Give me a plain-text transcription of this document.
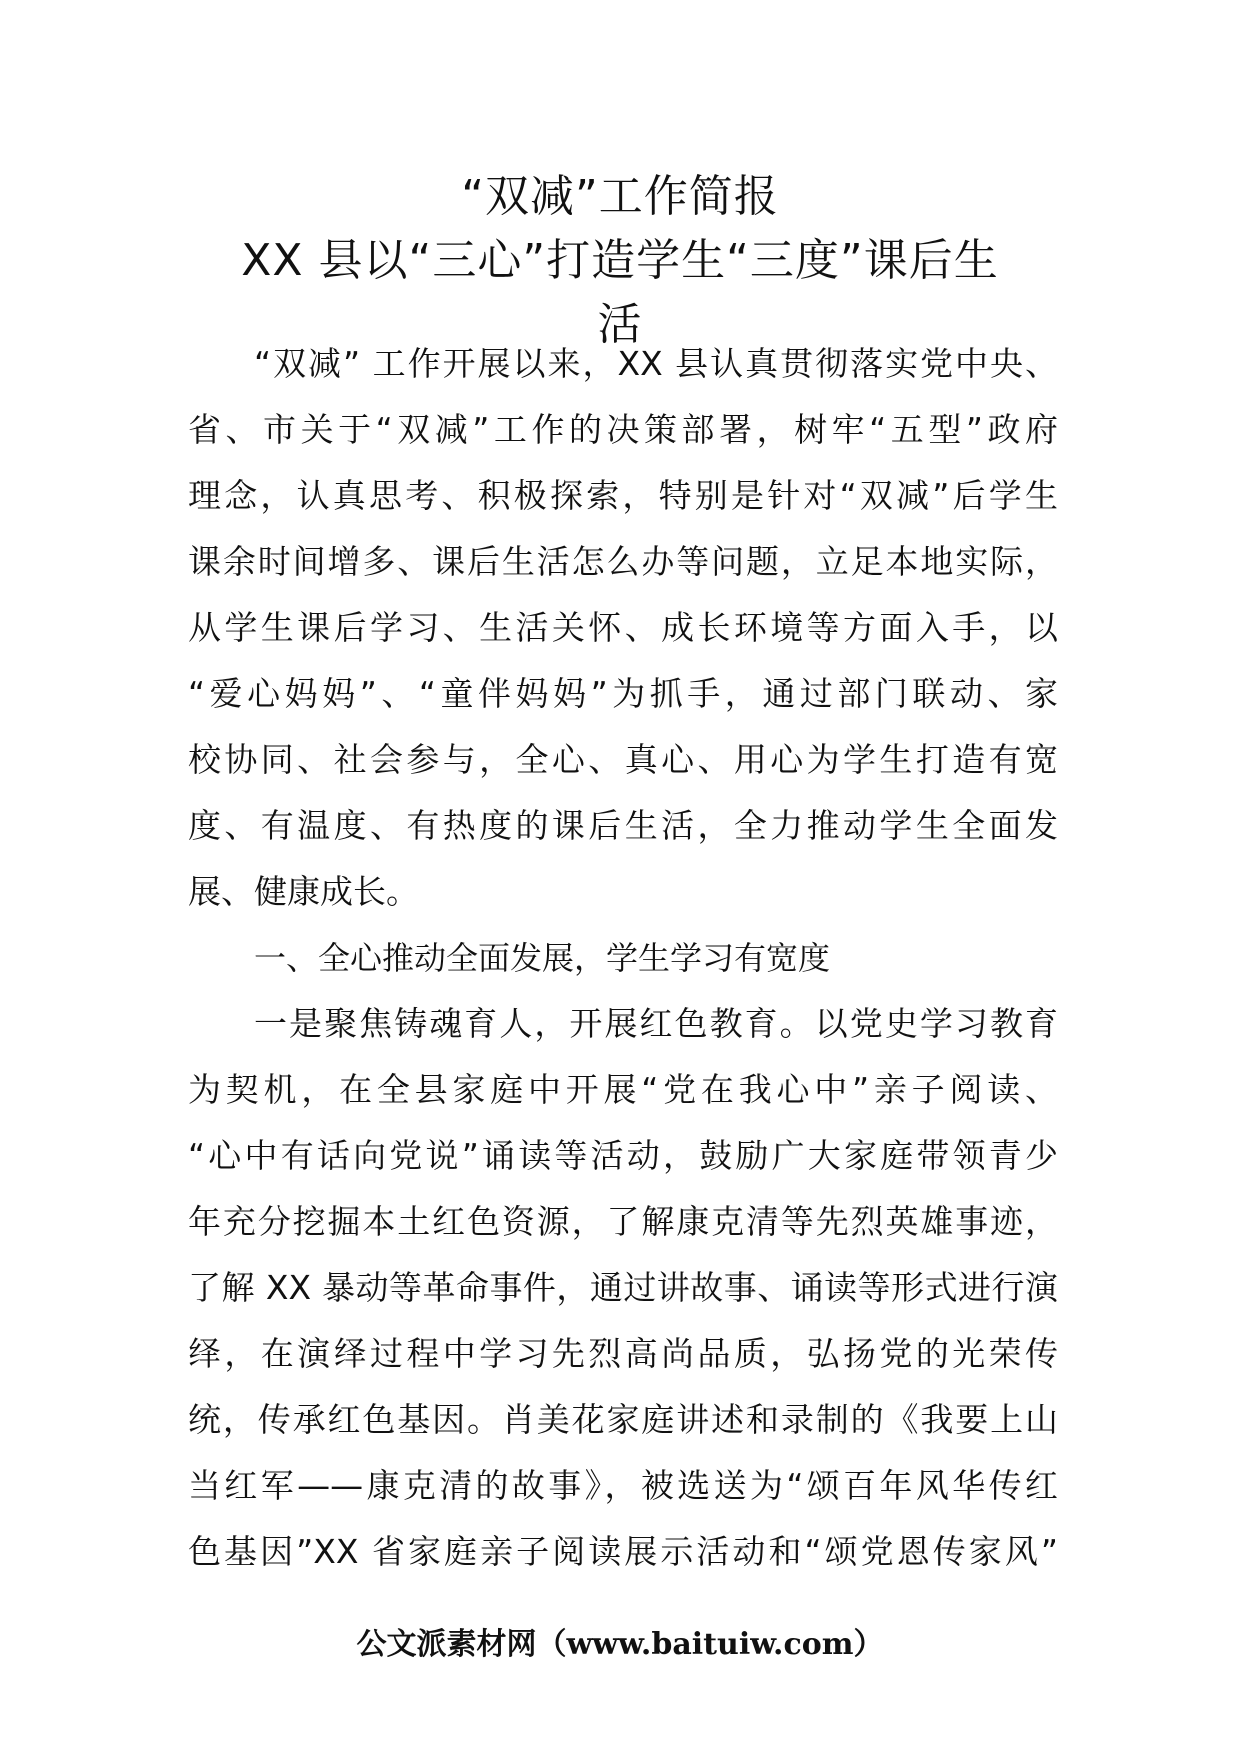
“双减”工作简报
XX 县以“三心”打造学生“三度”课后生
活
“双减” 工作开展以来，XX 县认真贯彻落实党中央、
省、市关于“双减”工作的决策部署，树牢“五型”政府
理念，认真思考、积极探索，特别是针对“双减”后学生
课余时间增多、课后生活怎么办等问题，立足本地实际，
从学生课后学习、生活关怀、成长环境等方面入手，以
“爱心妈妈”、“童伴妈妈”为抓手，通过部门联动、家
校协同、社会参与，全心、真心、用心为学生打造有宽
度、有温度、有热度的课后生活，全力推动学生全面发
展、健康成长。
一、全心推动全面发展，学生学习有宽度
一是聚焦铸魂育人，开展红色教育。以党史学习教育
为契机，在全县家庭中开展“党在我心中”亲子阅读、
“心中有话向党说”诵读等活动，鼓励广大家庭带领青少
年充分挖掘本土红色资源，了解康克清等先烈英雄事迹，
了解 XX 暴动等革命事件，通过讲故事、诵读等形式进行演
绎，在演绎过程中学习先烈高尚品质，弘扬党的光荣传
统，传承红色基因。肖美花家庭讲述和录制的《我要上山
当红军——康克清的故事》，被选送为“颂百年风华传红
色基因”XX 省家庭亲子阅读展示活动和“颂党恩传家风”
公文派素材网（www.baituiw.com）
